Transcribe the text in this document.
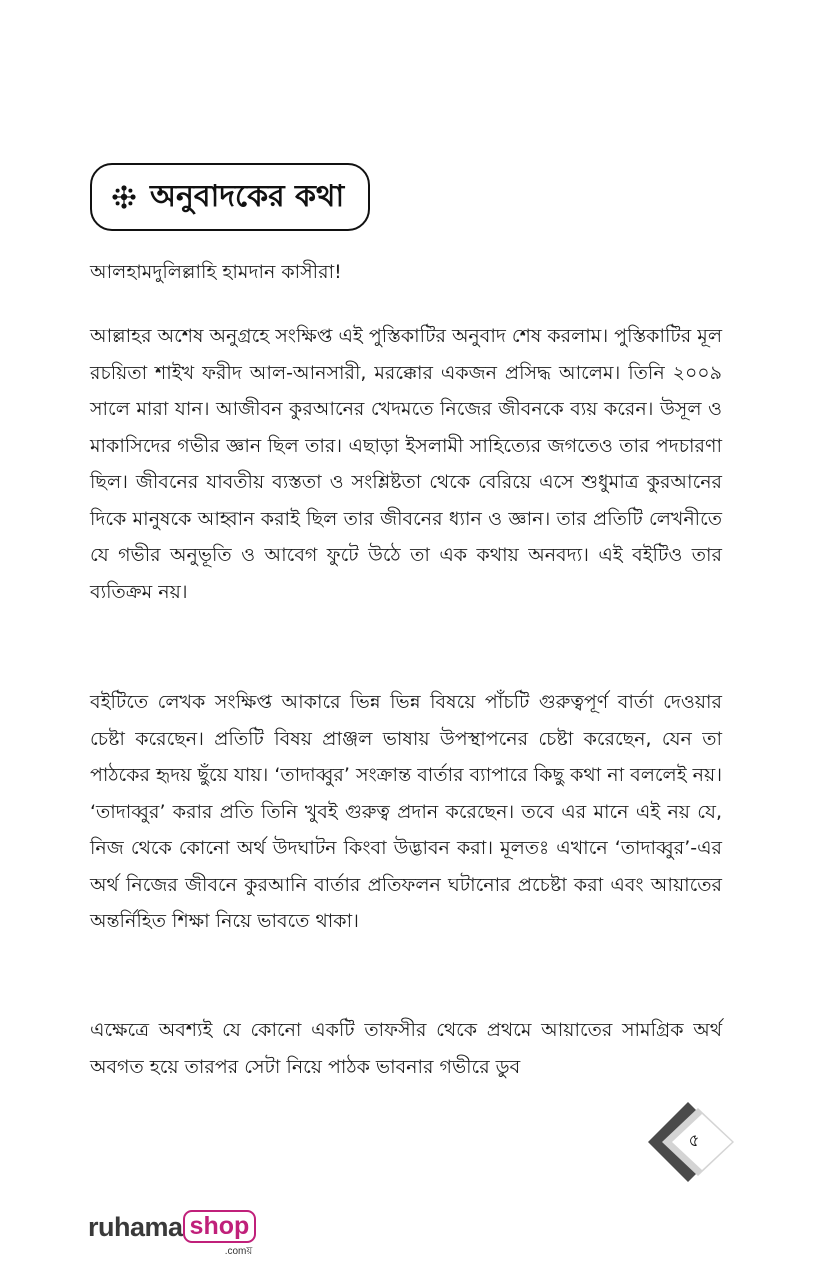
অনুবাদকের কথা
আলহামদুলিল্লাহি হামদান কাসীরা!
আল্লাহর অশেষ অনুগ্রহে সংক্ষিপ্ত এই পুস্তিকাটির অনুবাদ শেষ করলাম। পুস্তিকাটির মূল রচয়িতা শাইখ ফরীদ আল-আনসারী, মরক্কোর একজন প্রসিদ্ধ আলেম। তিনি ২০০৯ সালে মারা যান। আজীবন কুরআনের খেদমতে নিজের জীবনকে ব্যয় করেন। উসূল ও মাকাসিদের গভীর জ্ঞান ছিল তার। এছাড়া ইসলামী সাহিত্যের জগতেও তার পদচারণা ছিল। জীবনের যাবতীয় ব্যস্ততা ও সংশ্লিষ্টতা থেকে বেরিয়ে এসে শুধুমাত্র কুরআনের দিকে মানুষকে আহ্বান করাই ছিল তার জীবনের ধ্যান ও জ্ঞান। তার প্রতিটি লেখনীতে যে গভীর অনুভূতি ও আবেগ ফুটে উঠে তা এক কথায় অনবদ্য। এই বইটিও তার ব্যতিক্রম নয়।
বইটিতে লেখক সংক্ষিপ্ত আকারে ভিন্ন ভিন্ন বিষয়ে পাঁচটি গুরুত্বপূর্ণ বার্তা দেওয়ার চেষ্টা করেছেন। প্রতিটি বিষয় প্রাঞ্জল ভাষায় উপস্থাপনের চেষ্টা করেছেন, যেন তা পাঠকের হৃদয় ছুঁয়ে যায়। ‘তাদাব্বুর’ সংক্রান্ত বার্তার ব্যাপারে কিছু কথা না বললেই নয়। ‘তাদাব্বুর’ করার প্রতি তিনি খুবই গুরুত্ব প্রদান করেছেন। তবে এর মানে এই নয় যে, নিজ থেকে কোনো অর্থ উদঘাটন কিংবা উদ্ভাবন করা। মূলতঃ এখানে ‘তাদাব্বুর’-এর অর্থ নিজের জীবনে কুরআনি বার্তার প্রতিফলন ঘটানোর প্রচেষ্টা করা এবং আয়াতের অন্তর্নিহিত শিক্ষা নিয়ে ভাবতে থাকা।
এক্ষেত্রে অবশ্যই যে কোনো একটি তাফসীর থেকে প্রথমে আয়াতের সামগ্রিক অর্থ অবগত হয়ে তারপর সেটা নিয়ে পাঠক ভাবনার গভীরে ডুব
৫
ruhama shop
.comয়
